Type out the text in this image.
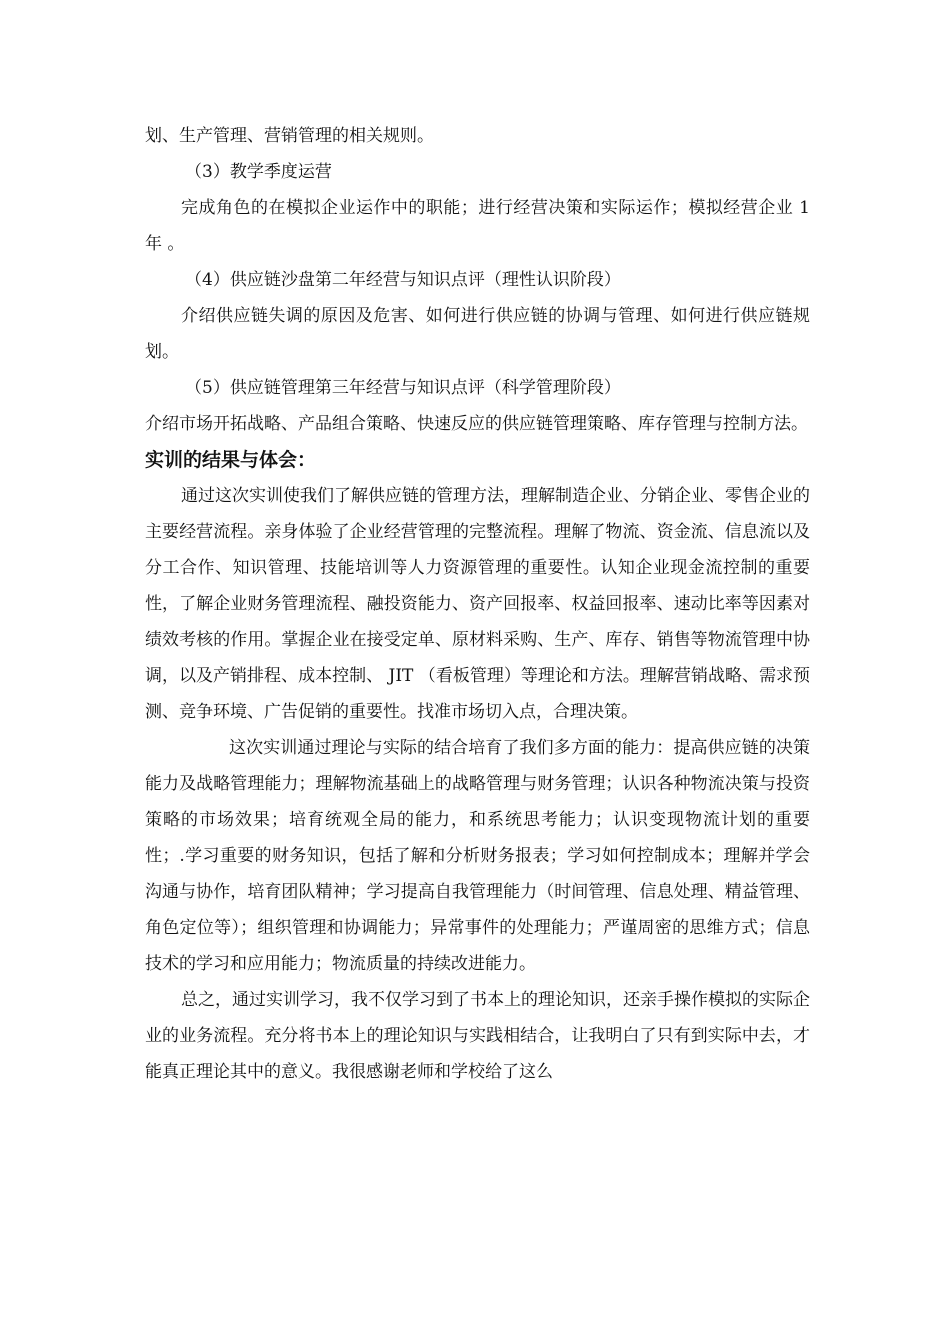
划、生产管理、营销管理的相关规则。

（3）教学季度运营

完成角色的在模拟企业运作中的职能；进行经营决策和实际运作；模拟经营企业 1 年 。

（4）供应链沙盘第二年经营与知识点评（理性认识阶段）

介绍供应链失调的原因及危害、如何进行供应链的协调与管理、如何进行供应链规划。

（5）供应链管理第三年经营与知识点评（科学管理阶段）

介绍市场开拓战略、产品组合策略、快速反应的供应链管理策略、库存管理与控制方法。

实训的结果与体会：

通过这次实训使我们了解供应链的管理方法，理解制造企业、分销企业、零售企业的主要经营流程。亲身体验了企业经营管理的完整流程。理解了物流、资金流、信息流以及分工合作、知识管理、技能培训等人力资源管理的重要性。认知企业现金流控制的重要性，了解企业财务管理流程、融投资能力、资产回报率、权益回报率、速动比率等因素对绩效考核的作用。掌握企业在接受定单、原材料采购、生产、库存、销售等物流管理中协调，以及产销排程、成本控制、 JIT （看板管理）等理论和方法。理解营销战略、需求预测、竞争环境、广告促销的重要性。找准市场切入点，合理决策。

这次实训通过理论与实际的结合培育了我们多方面的能力：提高供应链的决策能力及战略管理能力；理解物流基础上的战略管理与财务管理；认识各种物流决策与投资策略的市场效果；培育统观全局的能力，和系统思考能力；认识变现物流计划的重要性；.学习重要的财务知识，包括了解和分析财务报表；学习如何控制成本；理解并学会沟通与协作，培育团队精神；学习提高自我管理能力（时间管理、信息处理、精益管理、角色定位等）；组织管理和协调能力；异常事件的处理能力；严谨周密的思维方式；信息技术的学习和应用能力；物流质量的持续改进能力。

总之，通过实训学习，我不仅学习到了书本上的理论知识，还亲手操作模拟的实际企业的业务流程。充分将书本上的理论知识与实践相结合，让我明白了只有到实际中去，才能真正理论其中的意义。我很感谢老师和学校给了这么
